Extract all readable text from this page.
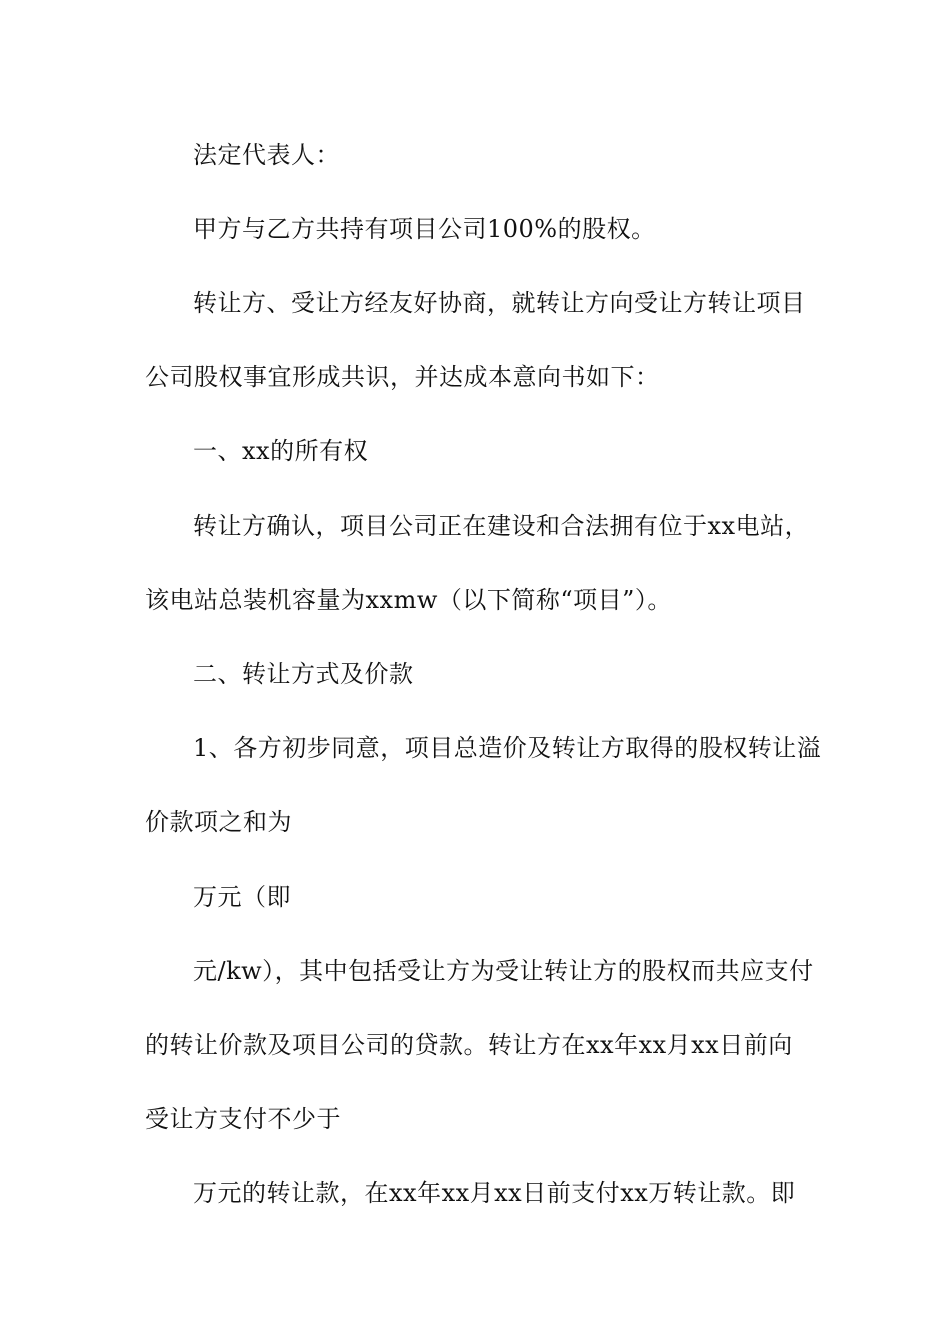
法定代表人：
甲方与乙方共持有项目公司100%的股权。
转让方、受让方经友好协商，就转让方向受让方转让项目
公司股权事宜形成共识，并达成本意向书如下：
一、xx的所有权
转让方确认，项目公司正在建设和合法拥有位于xx电站，
该电站总装机容量为xxmw（以下简称“项目”）。
二、转让方式及价款
1、各方初步同意，项目总造价及转让方取得的股权转让溢
价款项之和为
万元（即
元/kw），其中包括受让方为受让转让方的股权而共应支付
的转让价款及项目公司的贷款。转让方在xx年xx月xx日前向
受让方支付不少于
万元的转让款，在xx年xx月xx日前支付xx万转让款。即
